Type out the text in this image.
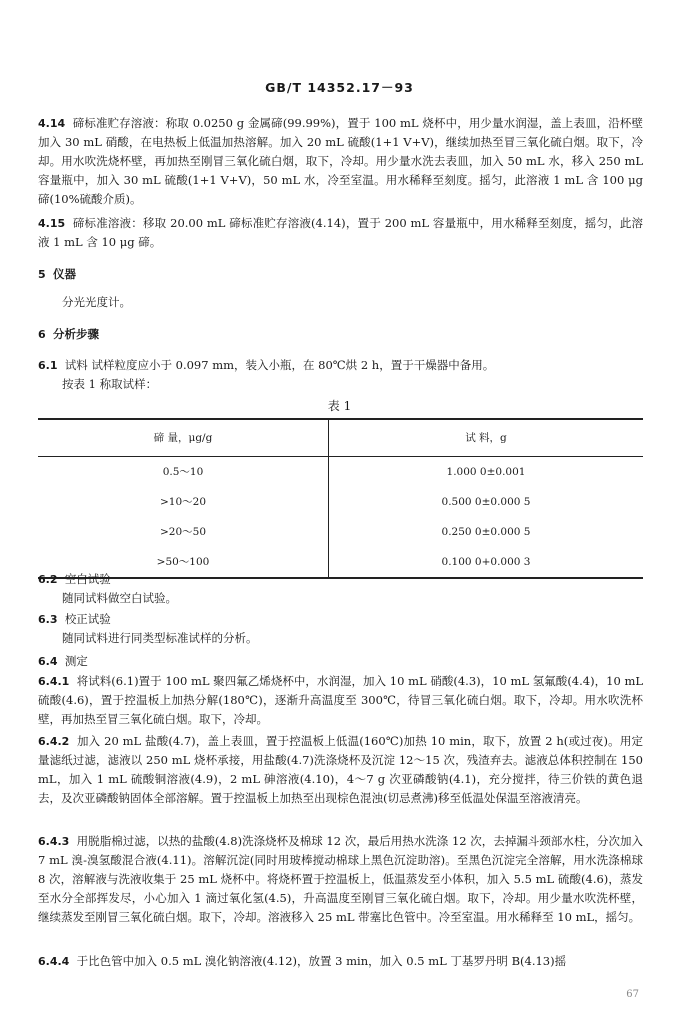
GB/T 14352.17－93

4.14 碲标准贮存溶液：称取 0.0250 g 金属碲(99.99%)，置于 100 mL 烧杯中，用少量水润湿，盖上表皿，沿杯壁加入 30 mL 硝酸，在电热板上低温加热溶解。加入 20 mL 硫酸(1+1 V+V)，继续加热至冒三氧化硫白烟。取下，冷却。用水吹洗烧杯壁，再加热至刚冒三氧化硫白烟，取下，冷却。用少量水洗去表皿，加入 50 mL 水，移入 250 mL 容量瓶中，加入 30 mL 硫酸(1+1 V+V)，50 mL 水，冷至室温。用水稀释至刻度。摇匀，此溶液 1 mL 含 100 μg 碲(10%硫酸介质)。

4.15 碲标准溶液：移取 20.00 mL 碲标准贮存溶液(4.14)，置于 200 mL 容量瓶中，用水稀释至刻度，摇匀，此溶液 1 mL 含 10 μg 碲。

5 仪器
分光光度计。
6 分析步骤

6.1 试料 试样粒度应小于 0.097 mm，装入小瓶，在 80℃烘 2 h，置于干燥器中备用。

按表 1 称取试样：

表 1
碲 量，μg/g	试 料，g
0.5～10	1.000 0±0.001
>10～20	0.500 0±0.000 5
>20～50	0.250 0±0.000 5
>50～100	0.100 0+0.000 3
6.2 空白试验
随同试料做空白试验。
6.3 校正试验
随同试料进行同类型标准试样的分析。
6.4 测定

6.4.1 将试料(6.1)置于 100 mL 聚四氟乙烯烧杯中，水润湿，加入 10 mL 硝酸(4.3)，10 mL 氢氟酸(4.4)，10 mL 硫酸(4.6)，置于控温板上加热分解(180℃)，逐渐升高温度至 300℃，待冒三氧化硫白烟。取下，冷却。用水吹洗杯壁，再加热至冒三氧化硫白烟。取下，冷却。

6.4.2 加入 20 mL 盐酸(4.7)，盖上表皿，置于控温板上低温(160℃)加热 10 min，取下，放置 2 h(或过夜)。用定量滤纸过滤，滤液以 250 mL 烧杯承接，用盐酸(4.7)洗涤烧杯及沉淀 12～15 次，残渣弃去。滤液总体积控制在 150 mL，加入 1 mL 硫酸铜溶液(4.9)，2 mL 砷溶液(4.10)，4～7 g 次亚磷酸钠(4.1)，充分搅拌，待三价铁的黄色退去，及次亚磷酸钠固体全部溶解。置于控温板上加热至出现棕色混浊(切忌煮沸)移至低温处保温至溶液清亮。

6.4.3 用脱脂棉过滤，以热的盐酸(4.8)洗涤烧杯及棉球 12 次，最后用热水洗涤 12 次，去掉漏斗颈部水柱，分次加入 7 mL 溴-溴氢酸混合液(4.11)。溶解沉淀(同时用玻棒搅动棉球上黑色沉淀助溶)。至黑色沉淀完全溶解，用水洗涤棉球 8 次，溶解液与洗液收集于 25 mL 烧杯中。将烧杯置于控温板上，低温蒸发至小体积，加入 5.5 mL 硫酸(4.6)，蒸发至水分全部挥发尽，小心加入 1 滴过氧化氢(4.5)，升高温度至刚冒三氧化硫白烟。取下，冷却。用少量水吹洗杯壁，继续蒸发至刚冒三氧化硫白烟。取下，冷却。溶液移入 25 mL 带塞比色管中。冷至室温。用水稀释至 10 mL，摇匀。

6.4.4 于比色管中加入 0.5 mL 溴化钠溶液(4.12)，放置 3 min，加入 0.5 mL 丁基罗丹明 B(4.13)摇

67
